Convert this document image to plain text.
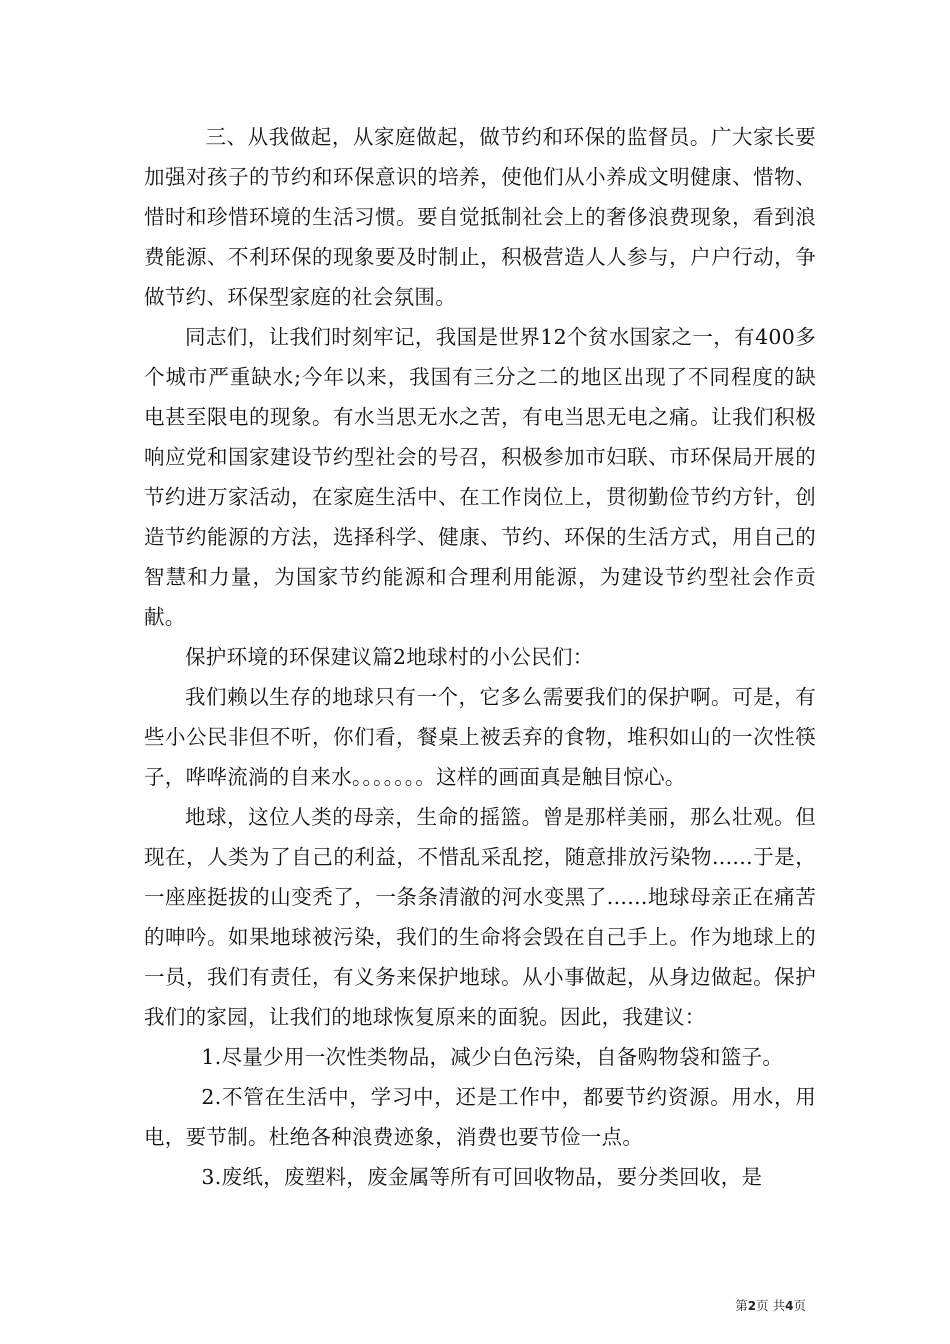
三、从我做起，从家庭做起，做节约和环保的监督员。广大家长要加强对孩子的节约和环保意识的培养，使他们从小养成文明健康、惜物、惜时和珍惜环境的生活习惯。要自觉抵制社会上的奢侈浪费现象，看到浪费能源、不利环保的现象要及时制止，积极营造人人参与，户户行动，争做节约、环保型家庭的社会氛围。

同志们，让我们时刻牢记，我国是世界12个贫水国家之一，有400多个城市严重缺水;今年以来，我国有三分之二的地区出现了不同程度的缺电甚至限电的现象。有水当思无水之苦，有电当思无电之痛。让我们积极响应党和国家建设节约型社会的号召，积极参加市妇联、市环保局开展的节约进万家活动，在家庭生活中、在工作岗位上，贯彻勤俭节约方针，创造节约能源的方法，选择科学、健康、节约、环保的生活方式，用自己的智慧和力量，为国家节约能源和合理利用能源，为建设节约型社会作贡献。

保护环境的环保建议篇2地球村的小公民们：

我们赖以生存的地球只有一个，它多么需要我们的保护啊。可是，有些小公民非但不听，你们看，餐桌上被丢弃的食物，堆积如山的一次性筷子，哗哗流淌的自来水。。。。。。。这样的画面真是触目惊心。

地球，这位人类的母亲，生命的摇篮。曾是那样美丽，那么壮观。但现在，人类为了自己的利益，不惜乱采乱挖，随意排放污染物......于是，一座座挺拔的山变秃了，一条条清澈的河水变黑了......地球母亲正在痛苦的呻吟。如果地球被污染，我们的生命将会毁在自己手上。作为地球上的一员，我们有责任，有义务来保护地球。从小事做起，从身边做起。保护我们的家园，让我们的地球恢复原来的面貌。因此，我建议：

1.尽量少用一次性类物品，减少白色污染，自备购物袋和篮子。

2.不管在生活中，学习中，还是工作中，都要节约资源。用水，用电，要节制。杜绝各种浪费迹象，消费也要节俭一点。

3.废纸，废塑料，废金属等所有可回收物品，要分类回收，是

第2页 共4页
